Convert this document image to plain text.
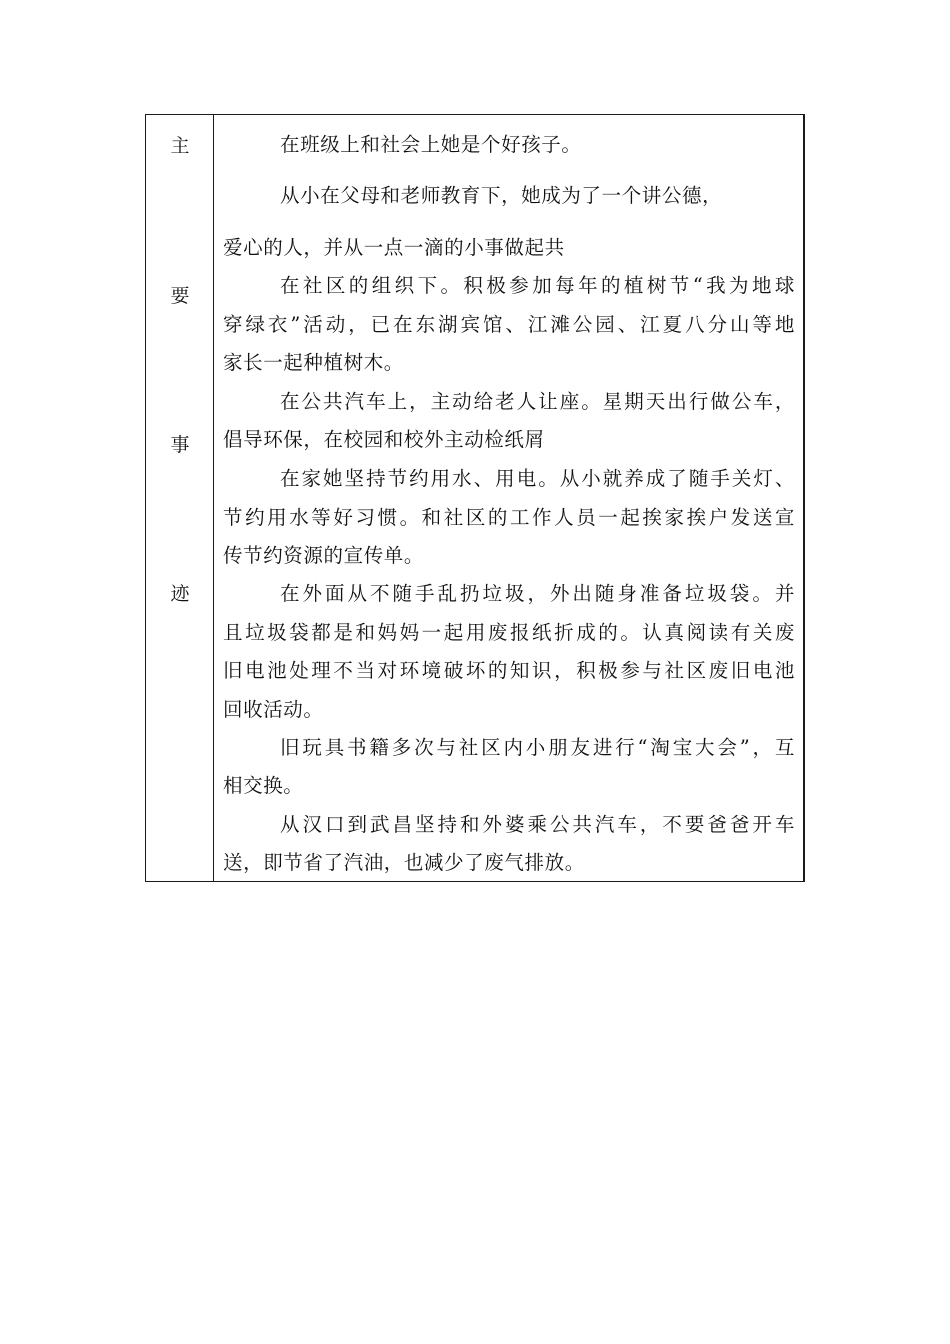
主
要
事
迹
在班级上和社会上她是个好孩子。
从小在父母和老师教育下，她成为了一个讲公德，
爱心的人，并从一点一滴的小事做起共
在社区的组织下。积极参加每年的植树节“我为地球
穿绿衣”活动，已在东湖宾馆、江滩公园、江夏八分山等地
家长一起种植树木。
在公共汽车上，主动给老人让座。星期天出行做公车，
倡导环保，在校园和校外主动检纸屑
在家她坚持节约用水、用电。从小就养成了随手关灯、
节约用水等好习惯。和社区的工作人员一起挨家挨户发送宣
传节约资源的宣传单。
在外面从不随手乱扔垃圾，外出随身准备垃圾袋。并
且垃圾袋都是和妈妈一起用废报纸折成的。认真阅读有关废
旧电池处理不当对环境破坏的知识，积极参与社区废旧电池
回收活动。
旧玩具书籍多次与社区内小朋友进行“淘宝大会”，互
相交换。
从汉口到武昌坚持和外婆乘公共汽车，不要爸爸开车
送，即节省了汽油，也减少了废气排放。
